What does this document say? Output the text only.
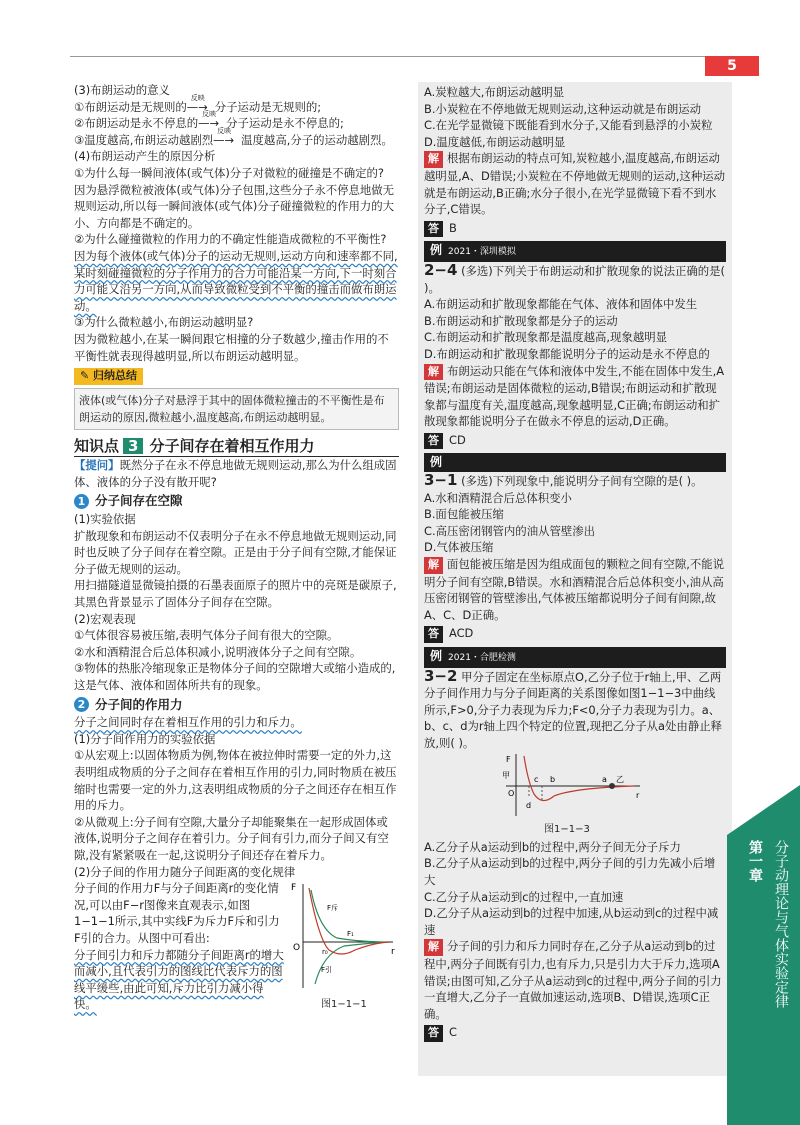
5

(3)布朗运动的意义

①布朗运动是无规则的
反映
—→ 分子运动是无规则的;

②布朗运动是永不停息的
反映
—→ 分子运动是永不停息的;

③温度越高,布朗运动越剧烈
反映
—→ 温度越高,分子的运动越剧烈。

(4)布朗运动产生的原因分析

①为什么每一瞬间液体(或气体)分子对微粒的碰撞是不确定的?

因为悬浮微粒被液体(或气体)分子包围,这些分子永不停息地做无规则运动,所以每一瞬间液体(或气体)分子碰撞微粒的作用力的大小、方向都是不确定的。

②为什么碰撞微粒的作用力的不确定性能造成微粒的不平衡性?

因为每个液体(或气体)分子的运动无规则,运动方向和速率都不同,某时刻碰撞微粒的分子作用力的合力可能沿某一方向,下一时刻合力可能又沿另一方向,从而导致微粒受到不平衡的撞击而做布朗运动。

③为什么微粒越小,布朗运动越明显?

因为微粒越小,在某一瞬间跟它相撞的分子数越少,撞击作用的不平衡性就表现得越明显,所以布朗运动越明显。

✎ 归纳总结
液体(或气体)分子对悬浮于其中的固体微粒撞击的不平衡性是布朗运动的原因,微粒越小,温度越高,布朗运动越明显。
知识点 3 分子间存在着相互作用力

【提问】既然分子在永不停息地做无规则运动,那么为什么组成固体、液体的分子没有散开呢?

1 分子间存在空隙

(1)实验依据

扩散现象和布朗运动不仅表明分子在永不停息地做无规则运动,同时也反映了分子间存在着空隙。正是由于分子间有空隙,才能保证分子做无规则的运动。

用扫描隧道显微镜拍摄的石墨表面原子的照片中的亮斑是碳原子,其黑色背景显示了固体分子间存在空隙。

(2)宏观表现

①气体很容易被压缩,表明气体分子间有很大的空隙。

②水和酒精混合后总体积减小,说明液体分子之间有空隙。

③物体的热胀冷缩现象正是物体分子间的空隙增大或缩小造成的,这是气体、液体和固体所共有的现象。

2 分子间的作用力

分子之间同时存在着相互作用的引力和斥力。

(1)分子间作用力的实验依据

①从宏观上:以固体物质为例,物体在被拉伸时需要一定的外力,这表明组成物质的分子之间存在着相互作用的引力,同时物质在被压缩时也需要一定的外力,这表明组成物质的分子之间还存在相互作用的斥力。

②从微观上:分子间有空隙,大量分子却能聚集在一起形成固体或液体,说明分子之间存在着引力。分子间有引力,而分子间又有空隙,没有紧紧吸在一起,这说明分子间还存在着斥力。

(2)分子间的作用力随分子间距离的变化规律

分子间的作用力F与分子间距离r的变化情况,可以由F−r图像来直观表示,如图1−1−1所示,其中实线F为斥力F斥和引力F引的合力。从图中可看出:

分子间引力和斥力都随分子间距离r的增大而减小,且代表引力的图线比代表斥力的图线平缓些,由此可知,斥力比引力减小得快。

F
O	r
r₀
F斥
F₁
F引

图1−1−1

A.炭粒越大,布朗运动越明显

B.小炭粒在不停地做无规则运动,这种运动就是布朗运动

C.在光学显微镜下既能看到水分子,又能看到悬浮的小炭粒

D.温度越低,布朗运动越明显

解 根据布朗运动的特点可知,炭粒越小,温度越高,布朗运动越明显,A、D错误;小炭粒在不停地做无规则的运动,这种运动就是布朗运动,B正确;水分子很小,在光学显微镜下看不到水分子,C错误。

答 B

例 2021・深圳模拟

2−4 (多选)下列关于布朗运动和扩散现象的说法正确的是( )。

A.布朗运动和扩散现象都能在气体、液体和固体中发生

B.布朗运动和扩散现象都是分子的运动

C.布朗运动和扩散现象都是温度越高,现象越明显

D.布朗运动和扩散现象都能说明分子的运动是永不停息的

解 布朗运动只能在气体和液体中发生,不能在固体中发生,A错误;布朗运动是固体微粒的运动,B错误;布朗运动和扩散现象都与温度有关,温度越高,现象越明显,C正确;布朗运动和扩散现象都能说明分子在做永不停息的运动,D正确。

答 CD

例

3−1 (多选)下列现象中,能说明分子间有空隙的是( )。

A.水和酒精混合后总体积变小

B.面包能被压缩

C.高压密闭钢管内的油从管壁渗出

D.气体被压缩

解 面包能被压缩是因为组成面包的颗粒之间有空隙,不能说明分子间有空隙,B错误。水和酒精混合后总体积变小,油从高压密闭钢管的管壁渗出,气体被压缩都说明分子间有间隙,故A、C、D正确。

答 ACD

例 2021・合肥检测

3−2 甲分子固定在坐标原点O,乙分子位于r轴上,甲、乙两分子间作用力与分子间距离的关系图像如图1−1−3中曲线所示,F>0,分子力表现为斥力;F<0,分子力表现为引力。a、b、c、d为r轴上四个特定的位置,现把乙分子从a处由静止释放,则( )。

F
甲
O
d
c b	a 乙
r

图1−1−3

A.乙分子从a运动到b的过程中,两分子间无分子斥力

B.乙分子从a运动到b的过程中,两分子间的引力先减小后增大

C.乙分子从a运动到c的过程中,一直加速

D.乙分子从a运动到b的过程中加速,从b运动到c的过程中减速

解 分子间的引力和斥力同时存在,乙分子从a运动到b的过程中,两分子间既有引力,也有斥力,只是引力大于斥力,选项A错误;由图可知,乙分子从a运动到c的过程中,两分子间的引力一直增大,乙分子一直做加速运动,选项B、D错误,选项C正确。

答 C

第一章 分子动理论与气体实验定律
